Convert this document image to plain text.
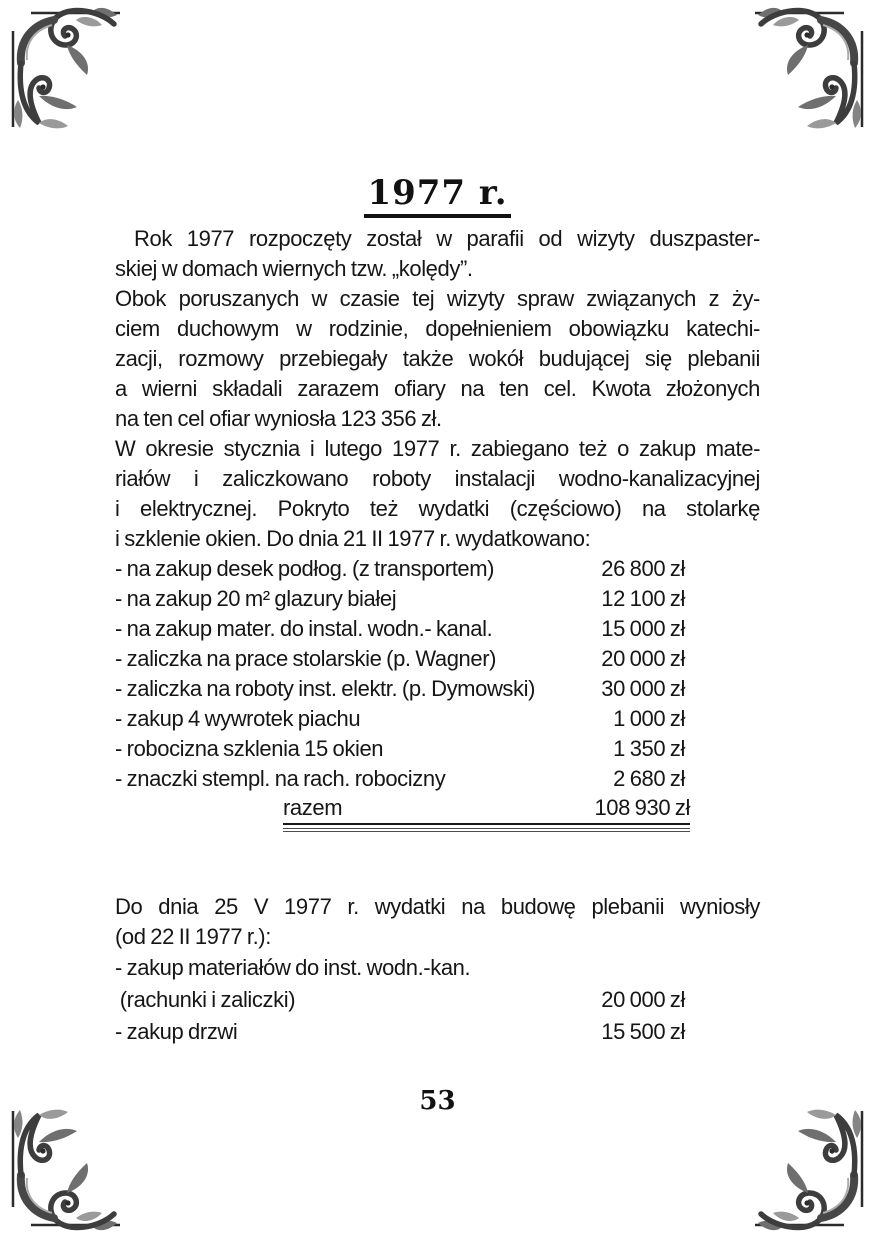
1977 r.
Rok 1977 rozpoczęty został w parafii od wizyty duszpaster-
skiej w domach wiernych tzw. „kolędy”.
Obok poruszanych w czasie tej wizyty spraw związanych z ży-
ciem duchowym w rodzinie, dopełnieniem obowiązku katechi-
zacji, rozmowy przebiegały także wokół budującej się plebanii
a wierni składali zarazem ofiary na ten cel. Kwota złożonych
na ten cel ofiar wyniosła 123 356 zł.
W okresie stycznia i lutego 1977 r. zabiegano też o zakup mate-
riałów i zaliczkowano roboty instalacji wodno-kanalizacyjnej
i elektrycznej. Pokryto też wydatki (częściowo) na stolarkę
i szklenie okien. Do dnia 21 II 1977 r. wydatkowano:
- na zakup desek podłog. (z transportem)	26 800 zł
- na zakup 20 m² glazury białej	12 100 zł
- na zakup mater. do instal. wodn.- kanal.	15 000 zł
- zaliczka na prace stolarskie (p. Wagner)	20 000 zł
- zaliczka na roboty inst. elektr. (p. Dymowski)	30 000 zł
- zakup 4 wywrotek piachu	1 000 zł
- robocizna szklenia 15 okien	1 350 zł
- znaczki stempl. na rach. robocizny	2 680 zł
razem	108 930 zł
Do dnia 25 V 1977 r. wydatki na budowę plebanii wyniosły
(od 22 II 1977 r.):
- zakup materiałów do inst. wodn.-kan.
(rachunki i zaliczki)	20 000 zł
- zakup drzwi	15 500 zł
53
